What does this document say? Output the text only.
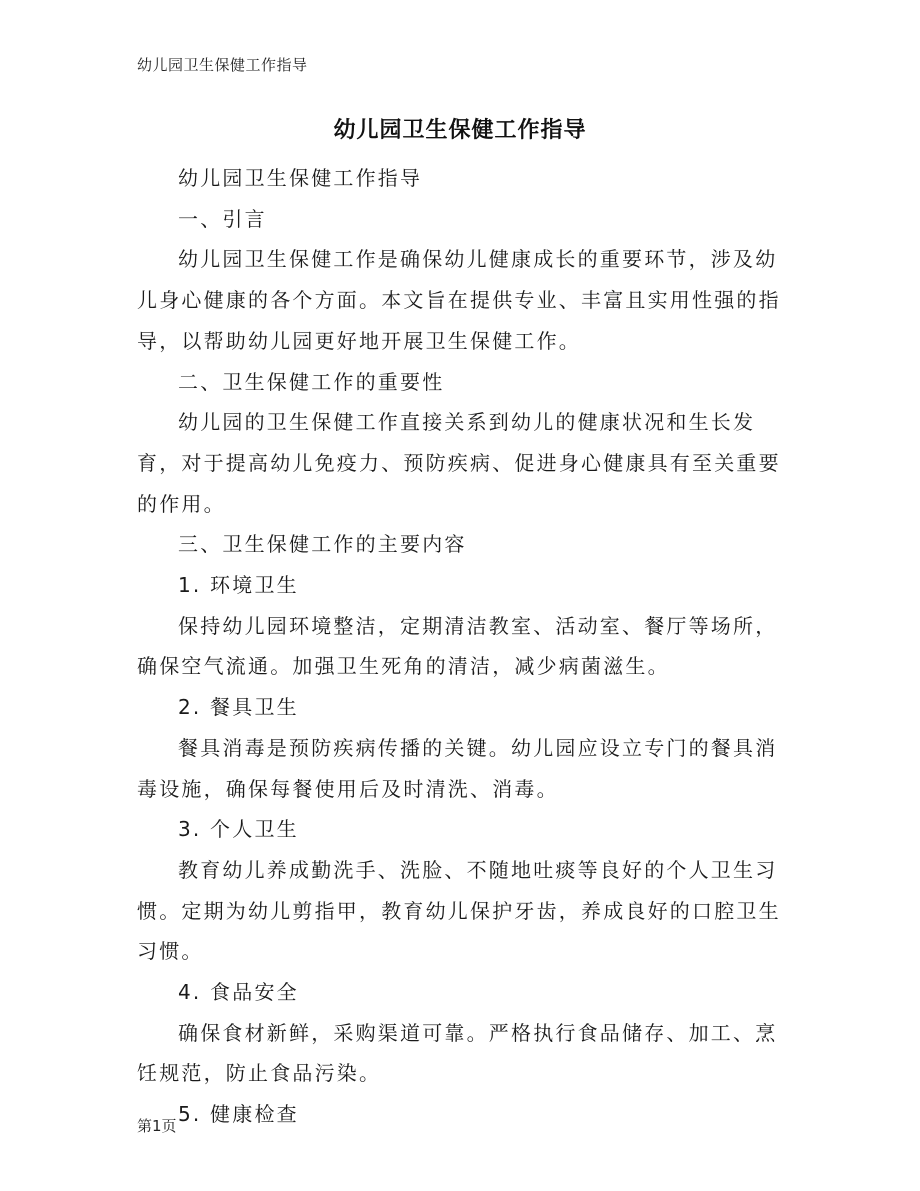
幼儿园卫生保健工作指导
幼儿园卫生保健工作指导

幼儿园卫生保健工作指导

一、引言

幼儿园卫生保健工作是确保幼儿健康成长的重要环节，涉及幼儿身心健康的各个方面。本文旨在提供专业、丰富且实用性强的指导，以帮助幼儿园更好地开展卫生保健工作。

二、卫生保健工作的重要性

幼儿园的卫生保健工作直接关系到幼儿的健康状况和生长发育，对于提高幼儿免疫力、预防疾病、促进身心健康具有至关重要的作用。

三、卫生保健工作的主要内容

1. 环境卫生

保持幼儿园环境整洁，定期清洁教室、活动室、餐厅等场所，确保空气流通。加强卫生死角的清洁，减少病菌滋生。

2. 餐具卫生

餐具消毒是预防疾病传播的关键。幼儿园应设立专门的餐具消毒设施，确保每餐使用后及时清洗、消毒。

3. 个人卫生

教育幼儿养成勤洗手、洗脸、不随地吐痰等良好的个人卫生习惯。定期为幼儿剪指甲，教育幼儿保护牙齿，养成良好的口腔卫生习惯。

4. 食品安全

确保食材新鲜，采购渠道可靠。严格执行食品储存、加工、烹饪规范，防止食品污染。

5. 健康检查

第1页
